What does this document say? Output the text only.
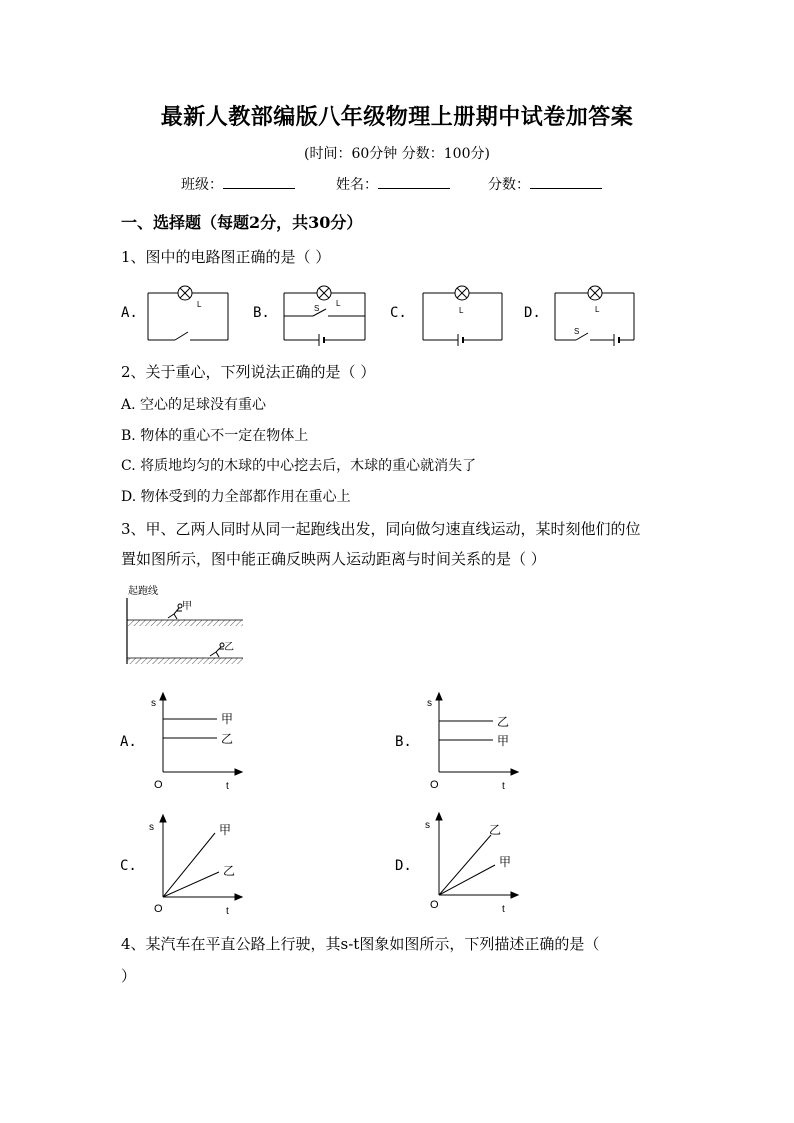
最新人教部编版八年级物理上册期中试卷加答案
(时间：60分钟 分数：100分)
班级：	姓名：	分数：
一、选择题（每题2分，共30分）
1、图中的电路图正确的是（ ）
A.	B.	C.	D.
L	L
S	L	L
S
2、关于重心，下列说法正确的是（ ）
A. 空心的足球没有重心
B. 物体的重心不一定在物体上
C. 将质地均匀的木球的中心挖去后，木球的重心就消失了
D. 物体受到的力全部都作用在重心上
3、甲、乙两人同时从同一起跑线出发，同向做匀速直线运动，某时刻他们的位
置如图所示，图中能正确反映两人运动距离与时间关系的是（ ）
起跑线
甲
乙
A.	B.
C.	D.
s
t
O
甲
乙
s
t
O
乙
甲
s
t
O
甲
乙
s
t
O
乙
甲
4、某汽车在平直公路上行驶，其s-t图象如图所示，下列描述正确的是（
）
